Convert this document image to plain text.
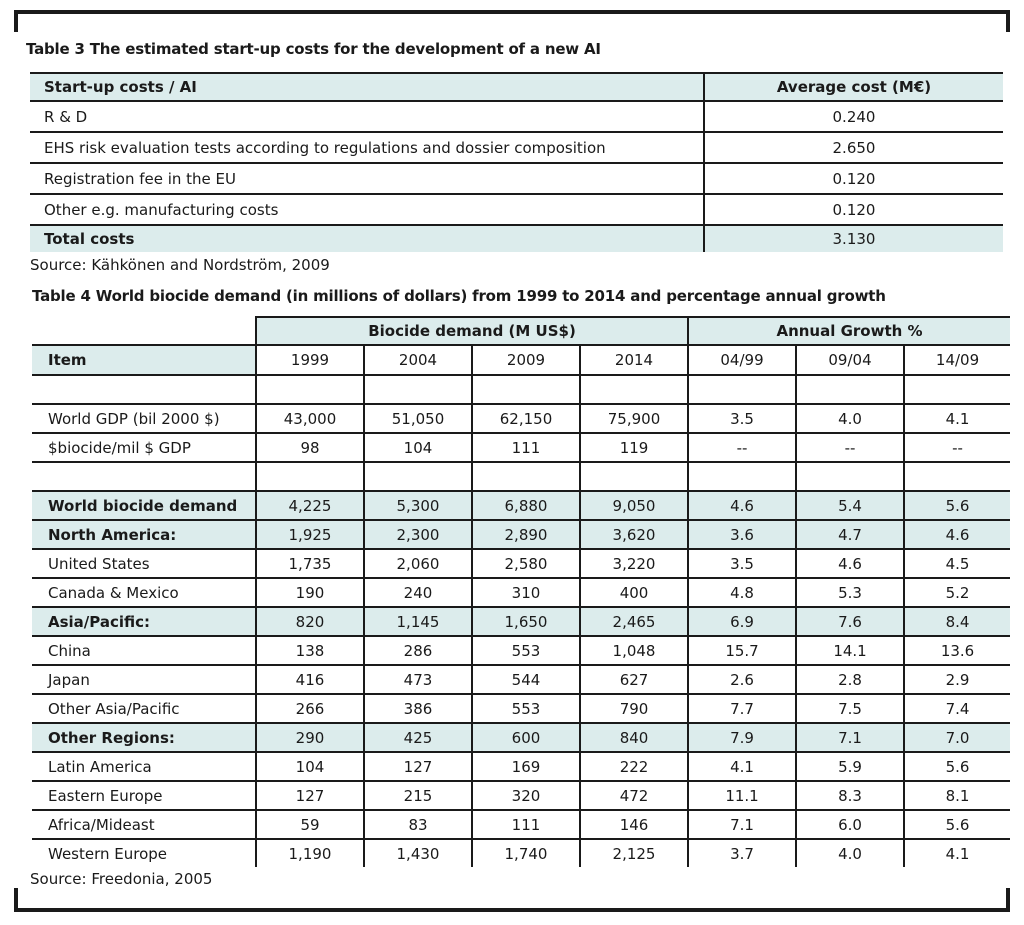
Table 3 The estimated start-up costs for the development of a new AI
Start-up costs / AI	Average cost (M€)
R & D	0.240
EHS risk evaluation tests according to regulations and dossier composition	2.650
Registration fee in the EU	0.120
Other e.g. manufacturing costs	0.120
Total costs	3.130
Source: Kähkönen and Nordström, 2009
Table 4 World biocide demand (in millions of dollars) from 1999 to 2014 and percentage annual growth
	Biocide demand (M US$)				Annual Growth %		
Item	1999	2004	2009	2014	04/99	09/04	14/09

World GDP (bil 2000 $)	43,000	51,050	62,150	75,900	3.5	4.0	4.1
$biocide/mil $ GDP	98	104	111	119	--	--	--

World biocide demand	4,225	5,300	6,880	9,050	4.6	5.4	5.6
North America:	1,925	2,300	2,890	3,620	3.6	4.7	4.6
United States	1,735	2,060	2,580	3,220	3.5	4.6	4.5
Canada & Mexico	190	240	310	400	4.8	5.3	5.2
Asia/Pacific:	820	1,145	1,650	2,465	6.9	7.6	8.4
China	138	286	553	1,048	15.7	14.1	13.6
Japan	416	473	544	627	2.6	2.8	2.9
Other Asia/Pacific	266	386	553	790	7.7	7.5	7.4
Other Regions:	290	425	600	840	7.9	7.1	7.0
Latin America	104	127	169	222	4.1	5.9	5.6
Eastern Europe	127	215	320	472	11.1	8.3	8.1
Africa/Mideast	59	83	111	146	7.1	6.0	5.6
Western Europe	1,190	1,430	1,740	2,125	3.7	4.0	4.1
Source: Freedonia, 2005
